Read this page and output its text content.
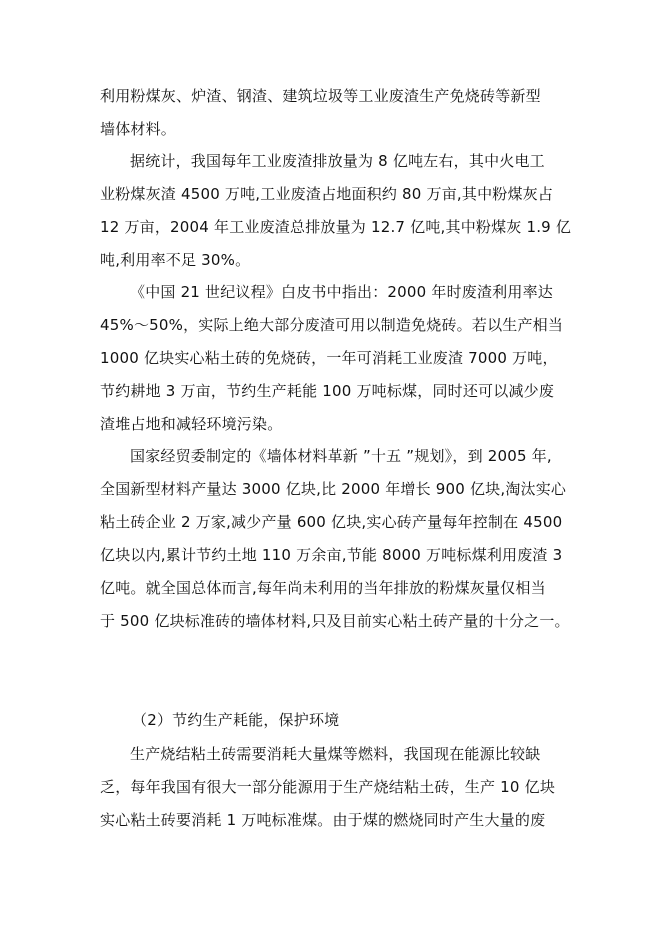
利用粉煤灰、炉渣、钢渣、建筑垃圾等工业废渣生产免烧砖等新型
墙体材料。
据统计，我国每年工业废渣排放量为 8 亿吨左右，其中火电工
业粉煤灰渣 4500 万吨,工业废渣占地面积约 80 万亩,其中粉煤灰占
12 万亩，2004 年工业废渣总排放量为 12.7 亿吨,其中粉煤灰 1.9 亿
吨,利用率不足 30%。
《中国 21 世纪议程》白皮书中指出：2000 年时废渣利用率达
45%～50%，实际上绝大部分废渣可用以制造免烧砖。若以生产相当
1000 亿块实心粘土砖的免烧砖，一年可消耗工业废渣 7000 万吨，
节约耕地 3 万亩，节约生产耗能 100 万吨标煤，同时还可以减少废
渣堆占地和减轻环境污染。
国家经贸委制定的《墙体材料革新 ”十五 ”规划》，到 2005 年,
全国新型材料产量达 3000 亿块,比 2000 年增长 900 亿块,淘汰实心
粘土砖企业 2 万家,减少产量 600 亿块,实心砖产量每年控制在 4500
亿块以内,累计节约土地 110 万余亩,节能 8000 万吨标煤利用废渣 3
亿吨。就全国总体而言,每年尚未利用的当年排放的粉煤灰量仅相当
于 500 亿块标准砖的墙体材料,只及目前实心粘土砖产量的十分之一。
（2）节约生产耗能，保护环境
生产烧结粘土砖需要消耗大量煤等燃料，我国现在能源比较缺
乏，每年我国有很大一部分能源用于生产烧结粘土砖，生产 10 亿块
实心粘土砖要消耗 1 万吨标准煤。由于煤的燃烧同时产生大量的废
